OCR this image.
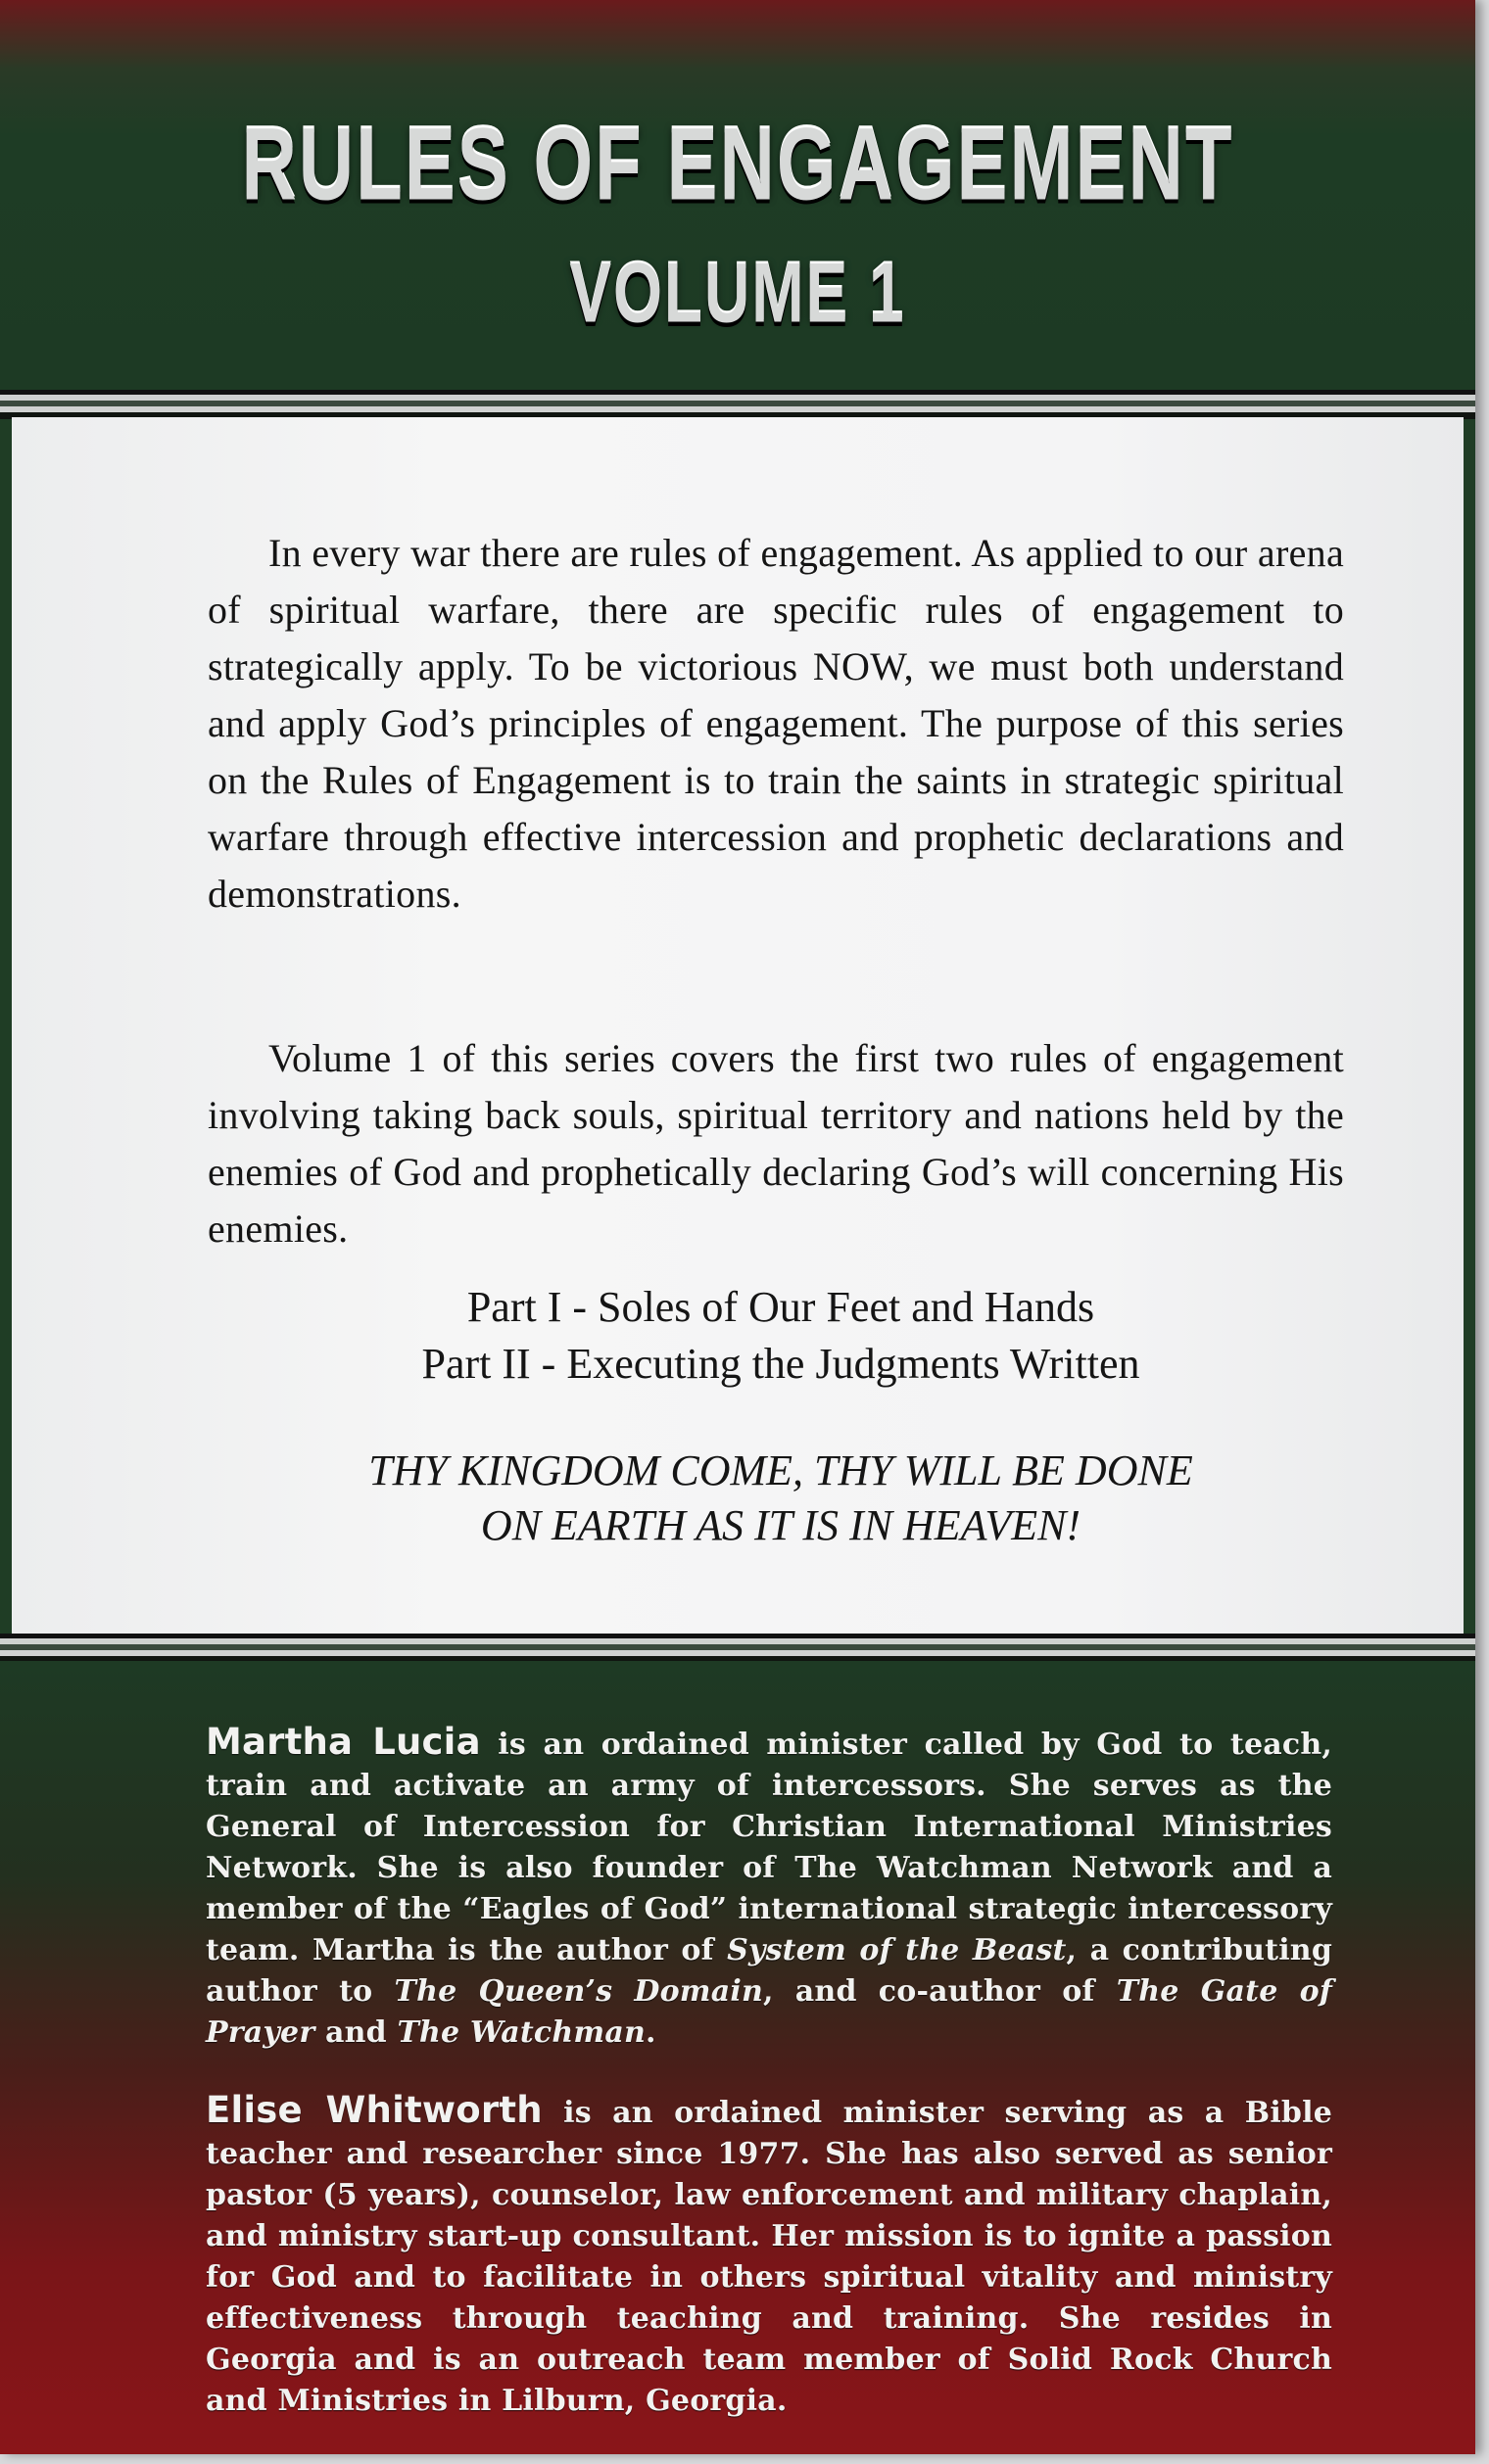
RULES OF ENGAGEMENT
VOLUME 1

In every war there are rules of engagement. As applied to our arena of spiritual warfare, there are specific rules of engagement to strategically apply. To be victorious NOW, we must both understand and apply God’s principles of engagement. The purpose of this series on the Rules of Engagement is to train the saints in strategic spiritual warfare through effective intercession and prophetic declarations and demonstrations.

Volume 1 of this series covers the first two rules of engagement involving taking back souls, spiritual territory and nations held by the enemies of God and prophetically declaring God’s will concerning His enemies.

Part I - Soles of Our Feet and Hands
Part II - Executing the Judgments Written
THY KINGDOM COME, THY WILL BE DONE
ON EARTH AS IT IS IN HEAVEN!

Martha Lucia is an ordained minister called by God to teach, train and activate an army of intercessors. She serves as the General of Intercession for Christian International Ministries Network. She is also founder of The Watchman Network and a member of the “Eagles of God” international strategic intercessory team. Martha is the author of System of the Beast, a contributing author to The Queen’s Domain, and co-author of The Gate of Prayer and The Watchman.

Elise Whitworth is an ordained minister serving as a Bible teacher and researcher since 1977. She has also served as senior pastor (5 years), counselor, law enforcement and military chaplain, and ministry start-up consultant. Her mission is to ignite a passion for God and to facilitate in others spiritual vitality and ministry effectiveness through teaching and training. She resides in Georgia and is an outreach team member of Solid Rock Church and Ministries in Lilburn, Georgia.
